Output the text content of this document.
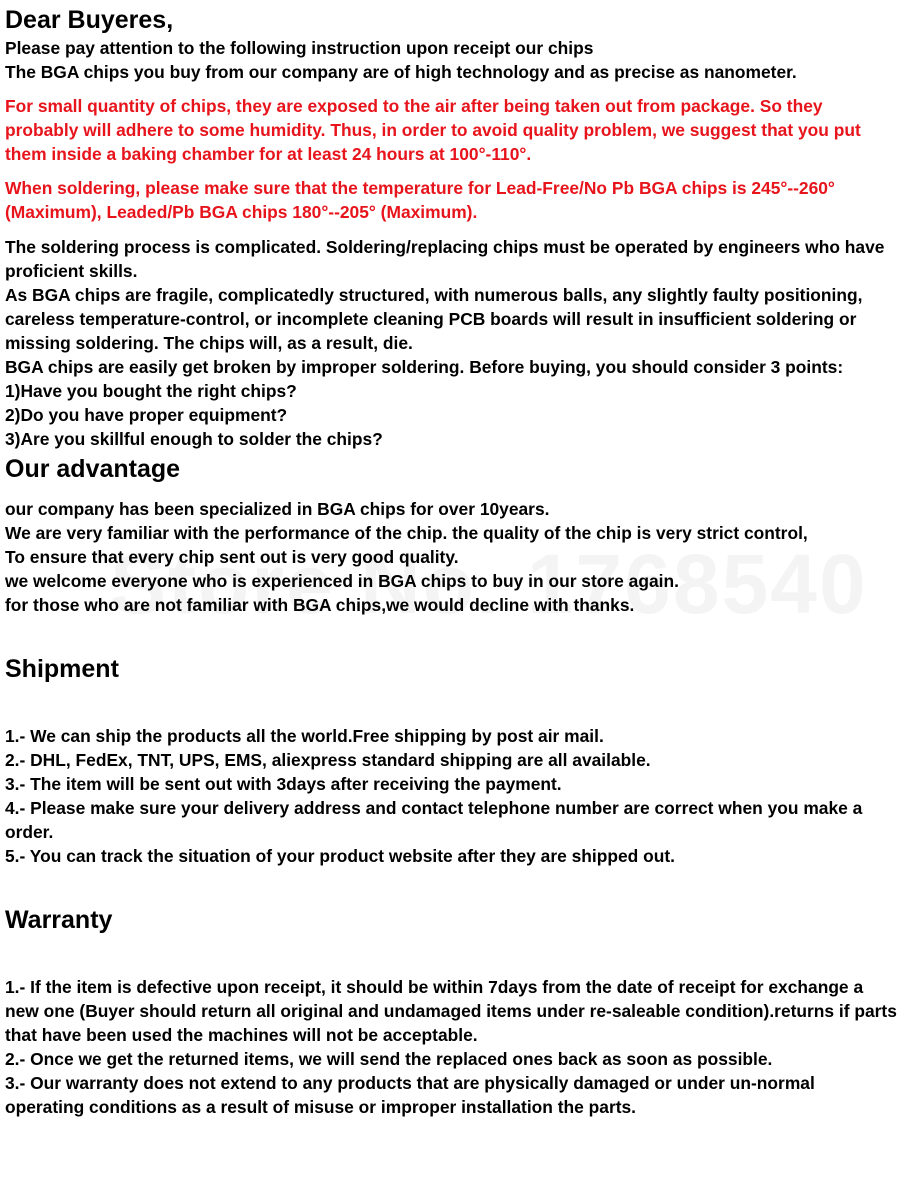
Dear Buyeres,
Please pay attention to the following instruction upon receipt our chips
The BGA chips you buy from our company are of high technology and as precise as nanometer.
For small quantity of chips, they are exposed to the air after being taken out from package. So they probably will adhere to some humidity. Thus, in order to avoid quality problem, we suggest that you put them inside a baking chamber for at least 24 hours at 100°-110°.
When soldering, please make sure that the temperature for Lead-Free/No Pb BGA chips is 245°--260° (Maximum), Leaded/Pb BGA chips 180°--205° (Maximum).
The soldering process is complicated. Soldering/replacing chips must be operated by engineers who have proficient skills.
As BGA chips are fragile, complicatedly structured, with numerous balls, any slightly faulty positioning, careless temperature-control, or incomplete cleaning PCB boards will result in insufficient soldering or missing soldering. The chips will, as a result, die.
BGA chips are easily get broken by improper soldering. Before buying, you should consider 3 points:
1)Have you bought the right chips?
2)Do you have proper equipment?
3)Are you skillful enough to solder the chips?
Our advantage
our company has been specialized in BGA chips for over 10years.
We are very familiar with the performance of the chip. the quality of the chip is very strict control,
To ensure that every chip sent out is very good quality.
we welcome everyone who is experienced in BGA chips to buy in our store again.
for those who are not familiar with BGA chips,we would decline with thanks.
Shipment
1.- We can ship the products all the world.Free shipping by post air mail.
2.- DHL, FedEx, TNT, UPS, EMS, aliexpress standard shipping are all available.
3.- The item will be sent out with 3days after receiving the payment.
4.- Please make sure your delivery address and contact telephone number are correct when you make a order.
5.- You can track the situation of your product website after they are shipped out.
Warranty
1.- If the item is defective upon receipt, it should be within 7days from the date of receipt for exchange a new one (Buyer should return all original and undamaged items under re-saleable condition).returns if parts that have been used the machines will not be acceptable.
2.- Once we get the returned items, we will send the replaced ones back as soon as possible.
3.- Our warranty does not extend to any products that are physically damaged or under un-normal operating conditions as a result of misuse or improper installation the parts.
